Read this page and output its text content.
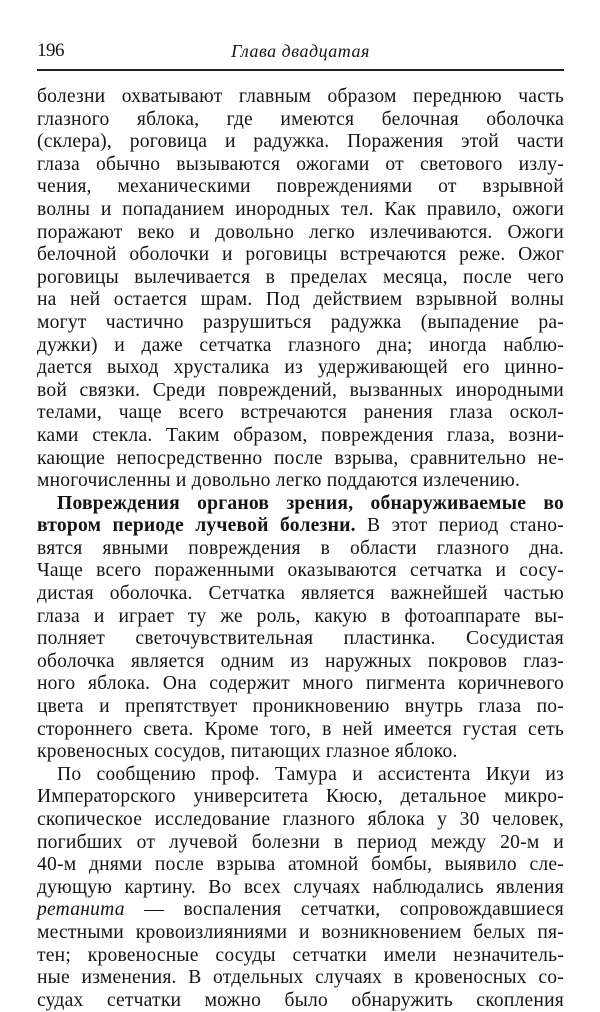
196	Глава двадцатая
болезни охватывают главным образом переднюю часть
глазного яблока, где имеются белочная оболочка
(склера), роговица и радужка. Поражения этой части
глаза обычно вызываются ожогами от светового излу-
чения, механическими повреждениями от взрывной
волны и попаданием инородных тел. Как правило, ожоги
поражают веко и довольно легко излечиваются. Ожоги
белочной оболочки и роговицы встречаются реже. Ожог
роговицы вылечивается в пределах месяца, после чего
на ней остается шрам. Под действием взрывной волны
могут частично разрушиться радужка (выпадение ра-
дужки) и даже сетчатка глазного дна; иногда наблю-
дается выход хрусталика из удерживающей его цинно-
вой связки. Среди повреждений, вызванных инородными
телами, чаще всего встречаются ранения глаза оскол-
ками стекла. Таким образом, повреждения глаза, возни-
кающие непосредственно после взрыва, сравнительно не-
многочисленны и довольно легко поддаются излечению.
Повреждения органов зрения, обнаруживаемые во
втором периоде лучевой болезни. В этот период стано-
вятся явными повреждения в области глазного дна.
Чаще всего пораженными оказываются сетчатка и сосу-
дистая оболочка. Сетчатка является важнейшей частью
глаза и играет ту же роль, какую в фотоаппарате вы-
полняет светочувствительная пластинка. Сосудистая
оболочка является одним из наружных покровов глаз-
ного яблока. Она содержит много пигмента коричневого
цвета и препятствует проникновению внутрь глаза по-
стороннего света. Кроме того, в ней имеется густая сеть
кровеносных сосудов, питающих глазное яблоко.
По сообщению проф. Тамура и ассистента Икуи из
Императорского университета Кюсю, детальное микро-
скопическое исследование глазного яблока у 30 человек,
погибших от лучевой болезни в период между 20-м и
40-м днями после взрыва атомной бомбы, выявило сле-
дующую картину. Во всех случаях наблюдались явления
ретанита — воспаления сетчатки, сопровождавшиеся
местными кровоизлияниями и возникновением белых пя-
тен; кровеносные сосуды сетчатки имели незначитель-
ные изменения. В отдельных случаях в кровеносных со-
судах сетчатки можно было обнаружить скопления
